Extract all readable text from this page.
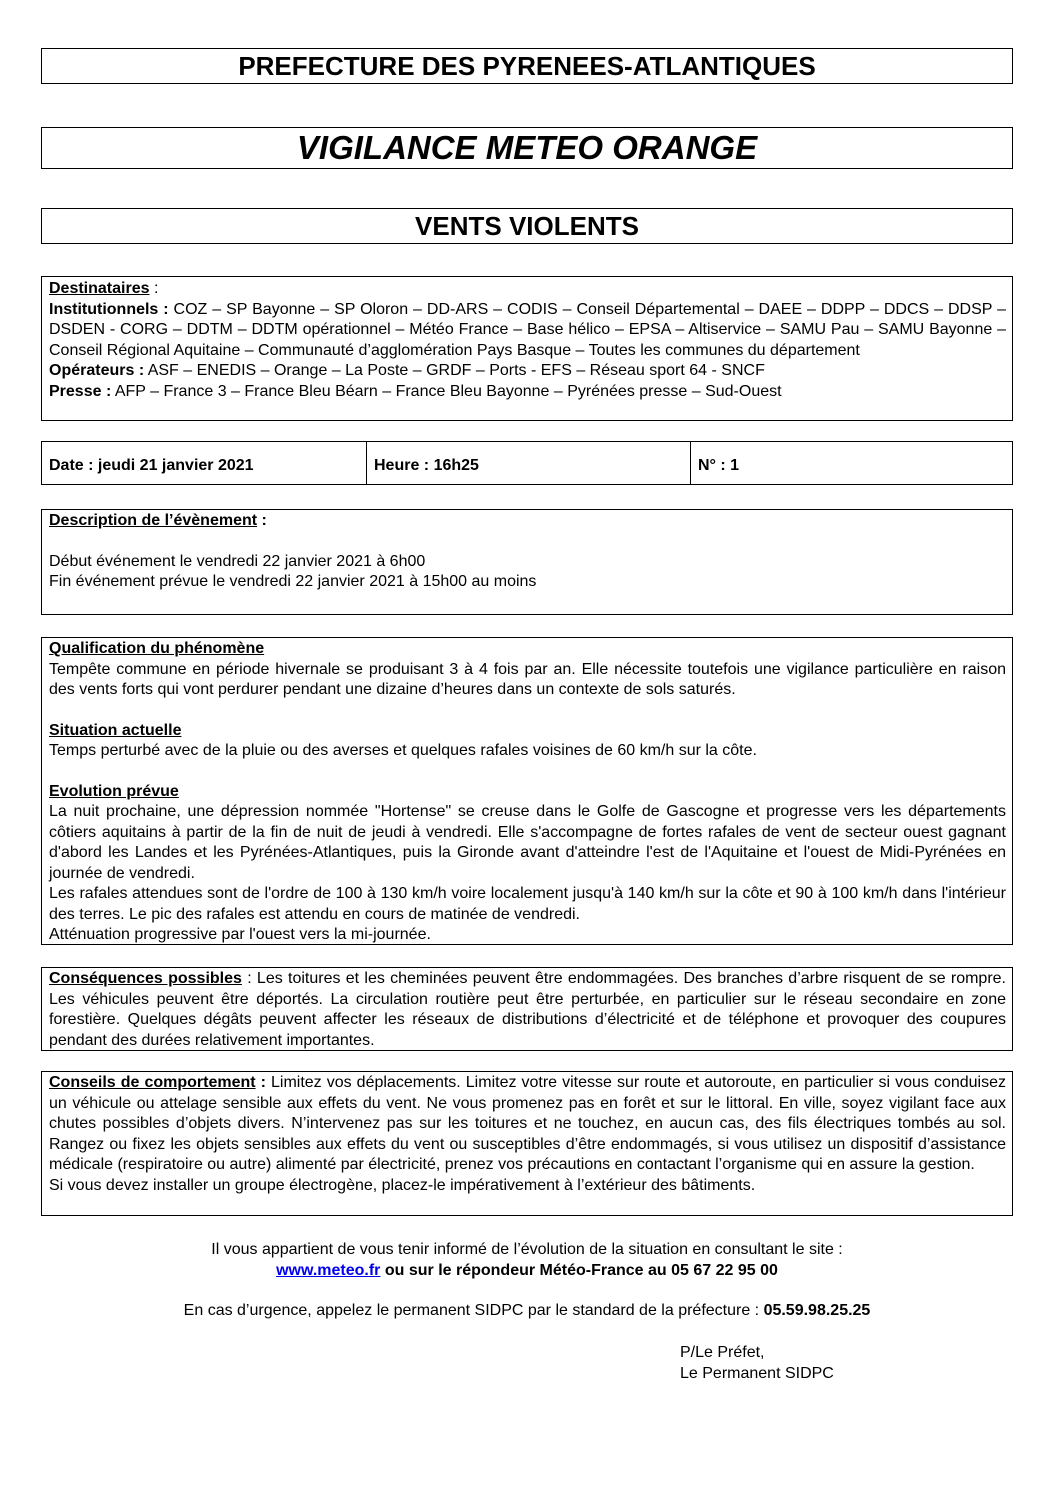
PREFECTURE DES PYRENEES-ATLANTIQUES
VIGILANCE METEO ORANGE
VENTS VIOLENTS

Destinataires :

Institutionnels : COZ – SP Bayonne – SP Oloron – DD-ARS – CODIS – Conseil Départemental – DAEE – DDPP – DDCS – DDSP – DSDEN - CORG – DDTM – DDTM opérationnel – Météo France – Base hélico – EPSA – Altiservice – SAMU Pau – SAMU Bayonne – Conseil Régional Aquitaine – Communauté d’agglomération Pays Basque – Toutes les communes du département

Opérateurs : ASF – ENEDIS – Orange – La Poste – GRDF – Ports - EFS – Réseau sport 64 - SNCF

Presse : AFP – France 3 – France Bleu Béarn – France Bleu Bayonne – Pyrénées presse – Sud-Ouest

Date : jeudi 21 janvier 2021	Heure : 16h25	N° : 1

Description de l’évènement :

Début événement le vendredi 22 janvier 2021 à 6h00

Fin événement prévue le vendredi 22 janvier 2021 à 15h00 au moins

Qualification du phénomène

Tempête commune en période hivernale se produisant 3 à 4 fois par an. Elle nécessite toutefois une vigilance particulière en raison des vents forts qui vont perdurer pendant une dizaine d’heures dans un contexte de sols saturés.

Situation actuelle

Temps perturbé avec de la pluie ou des averses et quelques rafales voisines de 60 km/h sur la côte.

Evolution prévue

La nuit prochaine, une dépression nommée "Hortense" se creuse dans le Golfe de Gascogne et progresse vers les départements côtiers aquitains à partir de la fin de nuit de jeudi à vendredi. Elle s'accompagne de fortes rafales de vent de secteur ouest gagnant d'abord les Landes et les Pyrénées-Atlantiques, puis la Gironde avant d'atteindre l'est de l'Aquitaine et l'ouest de Midi-Pyrénées en journée de vendredi.

Les rafales attendues sont de l'ordre de 100 à 130 km/h voire localement jusqu'à 140 km/h sur la côte et 90 à 100 km/h dans l'intérieur des terres. Le pic des rafales est attendu en cours de matinée de vendredi.

Atténuation progressive par l'ouest vers la mi-journée.

Conséquences possibles : Les toitures et les cheminées peuvent être endommagées. Des branches d’arbre risquent de se rompre. Les véhicules peuvent être déportés. La circulation routière peut être perturbée, en particulier sur le réseau secondaire en zone forestière. Quelques dégâts peuvent affecter les réseaux de distributions d’électricité et de téléphone et provoquer des coupures pendant des durées relativement importantes.

Conseils de comportement : Limitez vos déplacements. Limitez votre vitesse sur route et autoroute, en particulier si vous conduisez un véhicule ou attelage sensible aux effets du vent. Ne vous promenez pas en forêt et sur le littoral. En ville, soyez vigilant face aux chutes possibles d’objets divers. N’intervenez pas sur les toitures et ne touchez, en aucun cas, des fils électriques tombés au sol. Rangez ou fixez les objets sensibles aux effets du vent ou susceptibles d’être endommagés, si vous utilisez un dispositif d’assistance médicale (respiratoire ou autre) alimenté par électricité, prenez vos précautions en contactant l’organisme qui en assure la gestion.

Si vous devez installer un groupe électrogène, placez-le impérativement à l’extérieur des bâtiments.

Il vous appartient de vous tenir informé de l’évolution de la situation en consultant le site :

www.meteo.fr ou sur le répondeur Météo-France au 05 67 22 95 00

En cas d’urgence, appelez le permanent SIDPC par le standard de la préfecture : 05.59.98.25.25

P/Le Préfet,

Le Permanent SIDPC
